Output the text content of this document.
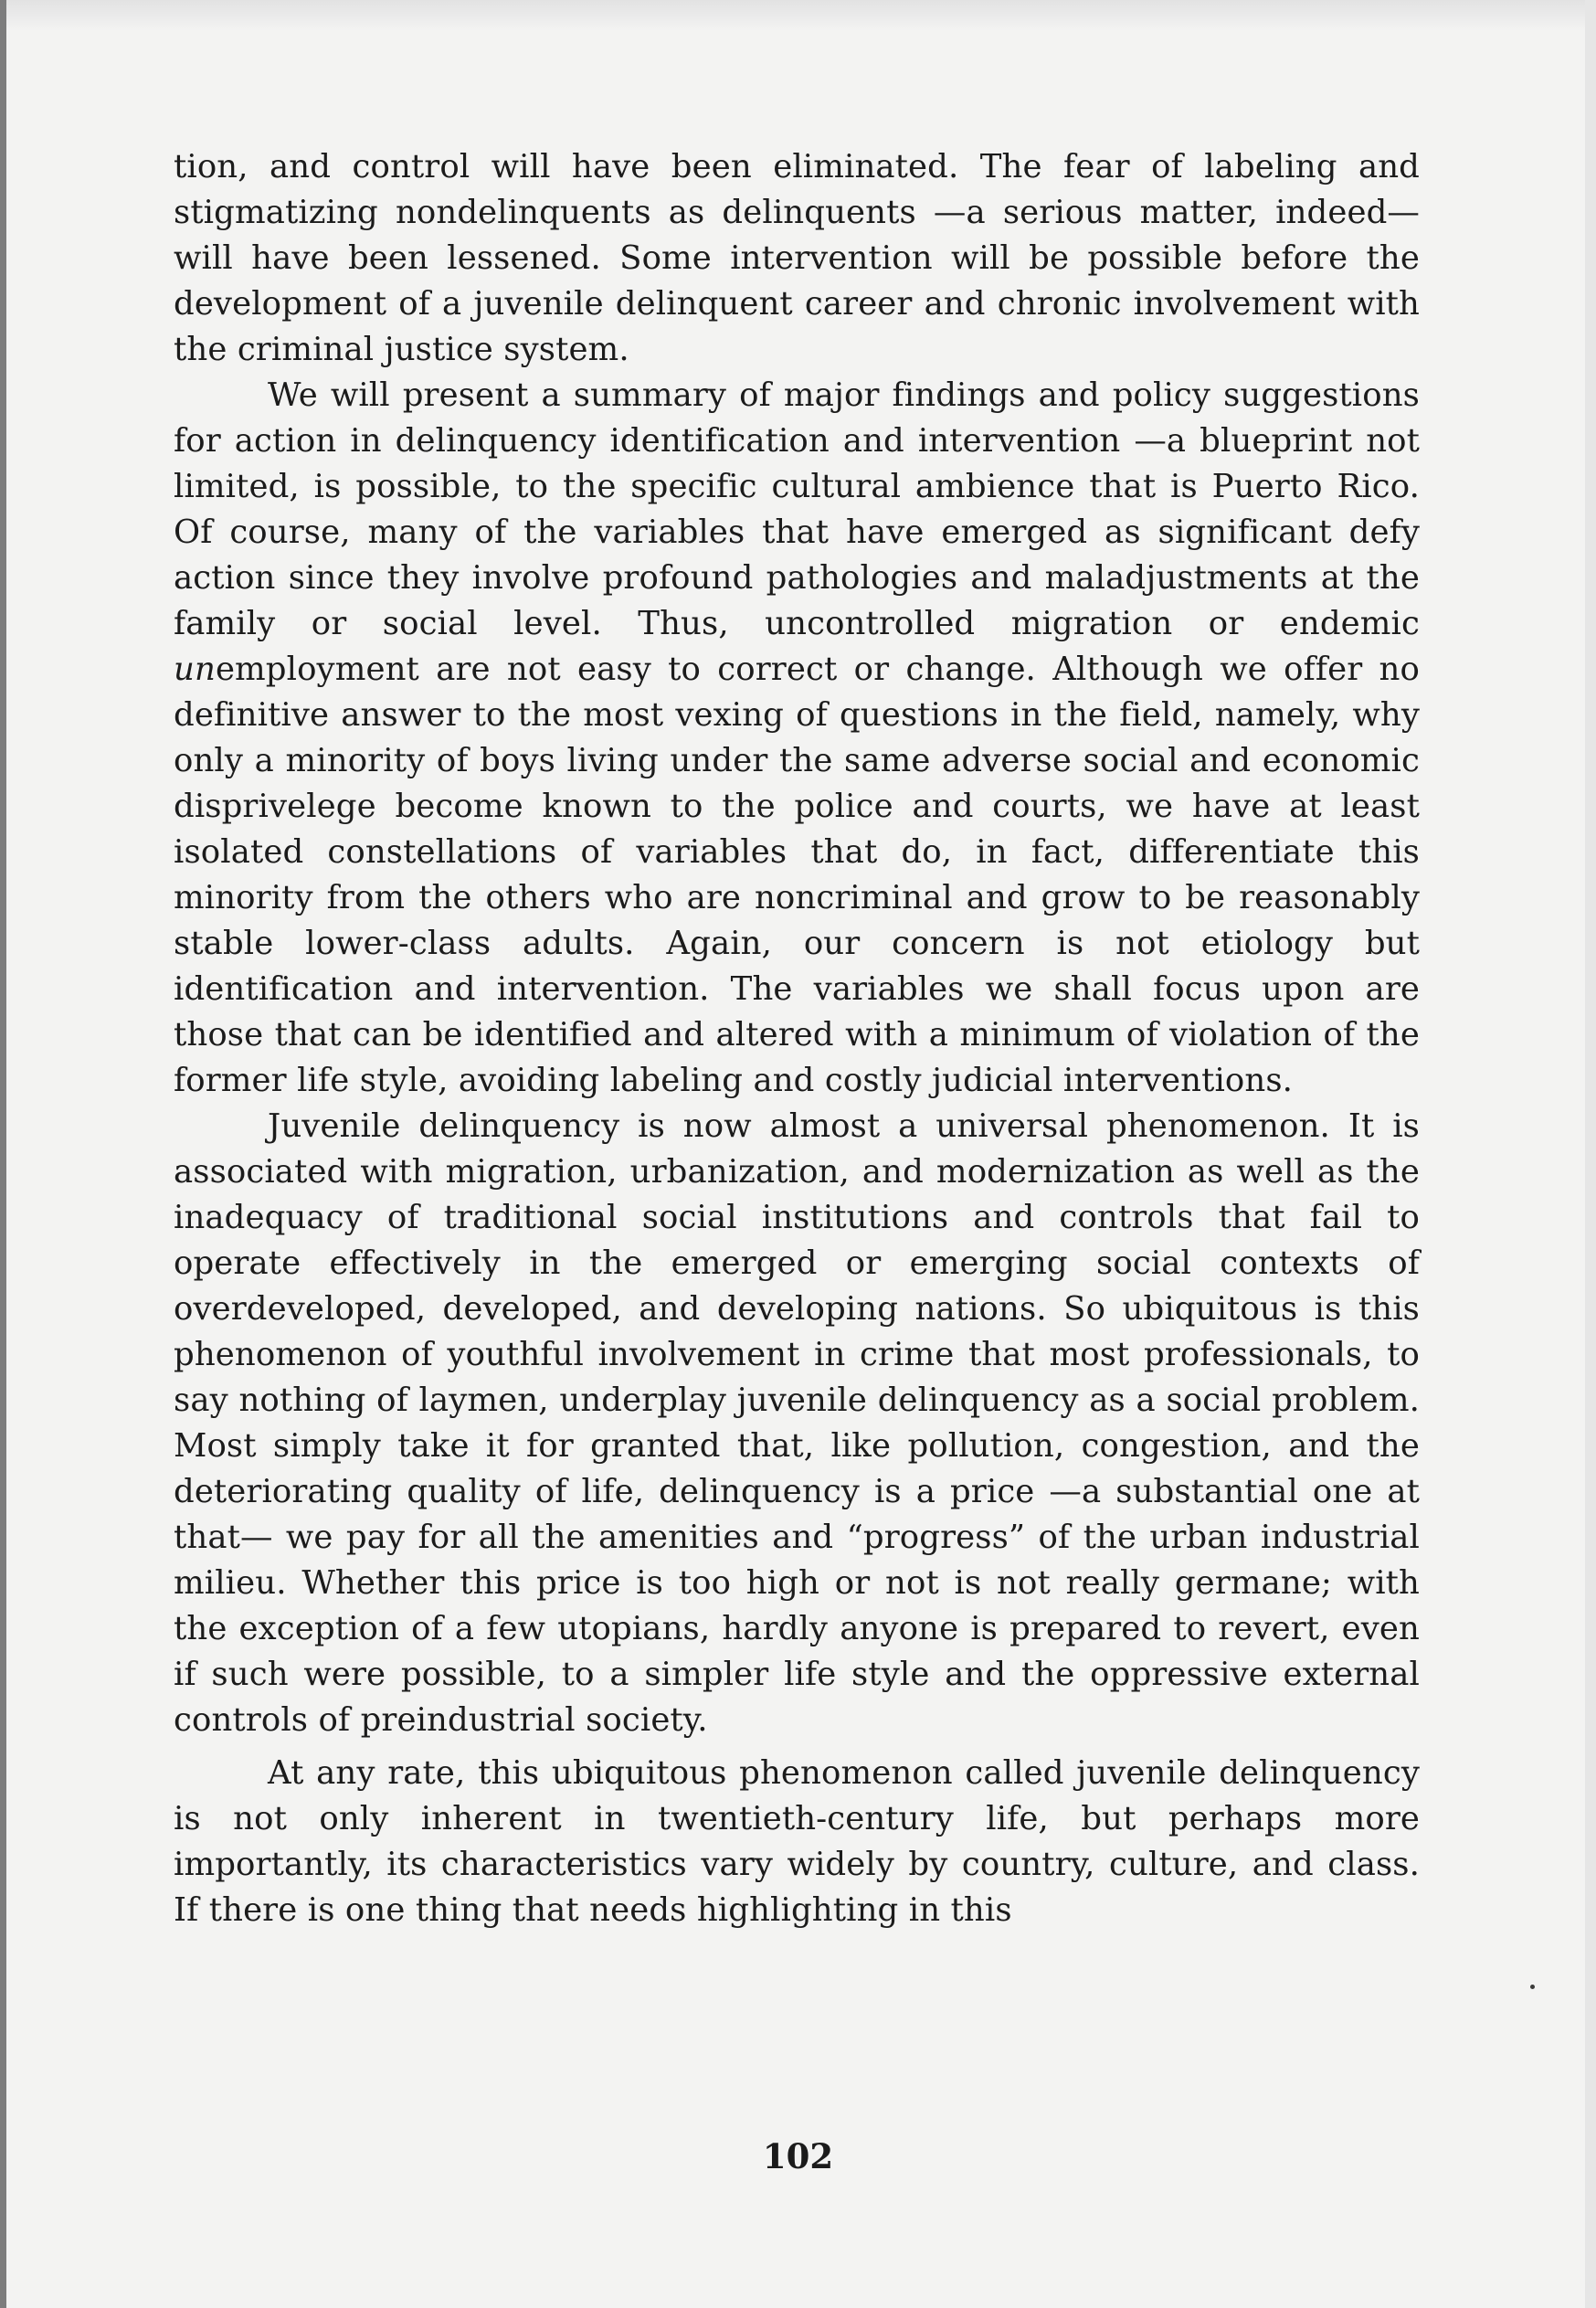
tion, and control will have been eliminated. The fear of labeling and stigmatizing nondelinquents as delinquents —a serious matter, indeed— will have been lessened. Some intervention will be possible before the development of a juvenile delinquent career and chronic involvement with the criminal justice system.

We will present a summary of major findings and policy suggestions for action in delinquency identification and intervention —a blueprint not limited, is possible, to the specific cultural ambience that is Puerto Rico. Of course, many of the variables that have emerged as significant defy action since they involve profound pathologies and maladjustments at the family or social level. Thus, uncontrolled migration or endemic unemployment are not easy to correct or change. Although we offer no definitive answer to the most vexing of questions in the field, namely, why only a minority of boys living under the same adverse social and economic disprivelege become known to the police and courts, we have at least isolated constellations of variables that do, in fact, differentiate this minority from the others who are noncriminal and grow to be reasonably stable lower-class adults. Again, our concern is not etiology but identification and intervention. The variables we shall focus upon are those that can be identified and altered with a minimum of violation of the former life style, avoiding labeling and costly judicial interventions.

Juvenile delinquency is now almost a universal phenomenon. It is associated with migration, urbanization, and modernization as well as the inadequacy of traditional social institutions and controls that fail to operate effectively in the emerged or emerging social contexts of overdeveloped, developed, and developing nations. So ubiquitous is this phenomenon of youthful involvement in crime that most professionals, to say nothing of laymen, underplay juvenile delinquency as a social problem. Most simply take it for granted that, like pollution, congestion, and the deteriorating quality of life, delinquency is a price —a substantial one at that— we pay for all the amenities and “progress” of the urban industrial milieu. Whether this price is too high or not is not really germane; with the exception of a few utopians, hardly anyone is prepared to revert, even if such were possible, to a simpler life style and the oppressive external controls of preindustrial society.

At any rate, this ubiquitous phenomenon called juvenile delinquency is not only inherent in twentieth-century life, but perhaps more importantly, its characteristics vary widely by country, culture, and class. If there is one thing that needs highlighting in this

102
